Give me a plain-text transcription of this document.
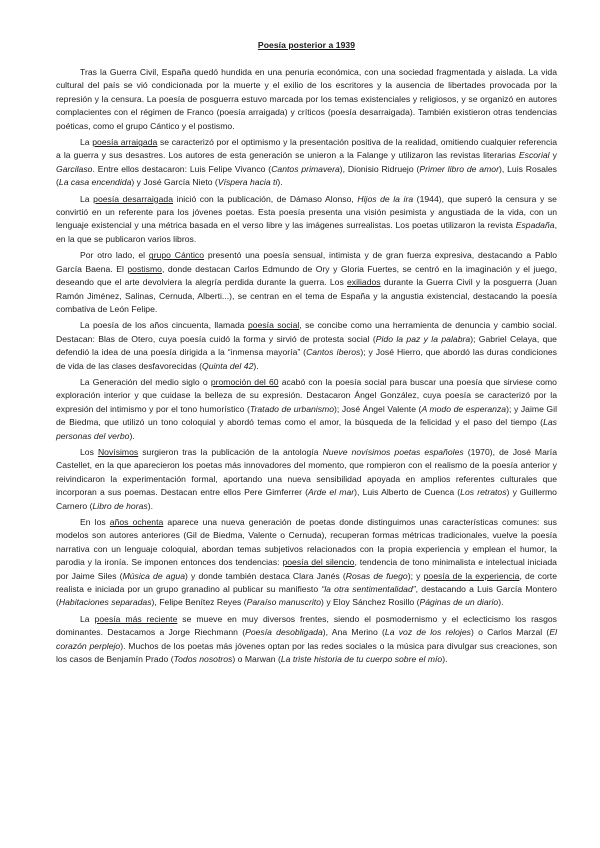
Poesía posterior a 1939

Tras la Guerra Civil, España quedó hundida en una penuria económica, con una sociedad fragmentada y aislada. La vida cultural del país se vió condicionada por la muerte y el exilio de los escritores y la ausencia de libertades provocada por la represión y la censura. La poesía de posguerra estuvo marcada por los temas existenciales y religiosos, y se organizó en autores complacientes con el régimen de Franco (poesía arraigada) y críticos (poesía desarraigada). También existieron otras tendencias poéticas, como el grupo Cántico y el postismo.

La poesía arraigada se caracterizó por el optimismo y la presentación positiva de la realidad, omitiendo cualquier referencia a la guerra y sus desastres. Los autores de esta generación se unieron a la Falange y utilizaron las revistas literarias Escorial y Garcilaso. Entre ellos destacaron: Luis Felipe Vivanco (Cantos primavera), Dionisio Ridruejo (Primer libro de amor), Luis Rosales (La casa encendida) y José García Nieto (Víspera hacia ti).

La poesía desarraigada inició con la publicación, de Dámaso Alonso, Hijos de la ira (1944), que superó la censura y se convirtió en un referente para los jóvenes poetas. Esta poesía presenta una visión pesimista y angustiada de la vida, con un lenguaje existencial y una métrica basada en el verso libre y las imágenes surrealistas. Los poetas utilizaron la revista Espadaña, en la que se publicaron varios libros.

Por otro lado, el grupo Cántico presentó una poesía sensual, intimista y de gran fuerza expresiva, destacando a Pablo García Baena. El postismo, donde destacan Carlos Edmundo de Ory y Gloria Fuertes, se centró en la imaginación y el juego, deseando que el arte devolviera la alegría perdida durante la guerra. Los exiliados durante la Guerra Civil y la posguerra (Juan Ramón Jiménez, Salinas, Cernuda, Alberti...), se centran en el tema de España y la angustia existencial, destacando la poesía combativa de León Felipe.

La poesía de los años cincuenta, llamada poesía social, se concibe como una herramienta de denuncia y cambio social. Destacan: Blas de Otero, cuya poesía cuidó la forma y sirvió de protesta social (Pido la paz y la palabra); Gabriel Celaya, que defendió la idea de una poesía dirigida a la “inmensa mayoría” (Cantos íberos); y José Hierro, que abordó las duras condiciones de vida de las clases desfavorecidas (Quinta del 42).

La Generación del medio siglo o promoción del 60 acabó con la poesía social para buscar una poesía que sirviese como exploración interior y que cuidase la belleza de su expresión. Destacaron Ángel González, cuya poesía se caracterizó por la expresión del intimismo y por el tono humorístico (Tratado de urbanismo); José Ángel Valente (A modo de esperanza); y Jaime Gil de Biedma, que utilizó un tono coloquial y abordó temas como el amor, la búsqueda de la felicidad y el paso del tiempo (Las personas del verbo).

Los Novísimos surgieron tras la publicación de la antología Nueve novísimos poetas españoles (1970), de José María Castellet, en la que aparecieron los poetas más innovadores del momento, que rompieron con el realismo de la poesía anterior y reivindicaron la experimentación formal, aportando una nueva sensibilidad apoyada en amplios referentes culturales que incorporan a sus poemas. Destacan entre ellos Pere Gimferrer (Arde el mar), Luis Alberto de Cuenca (Los retratos) y Guillermo Carnero (Libro de horas).

En los años ochenta aparece una nueva generación de poetas donde distinguimos unas características comunes: sus modelos son autores anteriores (Gil de Biedma, Valente o Cernuda), recuperan formas métricas tradicionales, vuelve la poesía narrativa con un lenguaje coloquial, abordan temas subjetivos relacionados con la propia experiencia y emplean el humor, la parodia y la ironía. Se imponen entonces dos tendencias: poesía del silencio, tendencia de tono minimalista e intelectual iniciada por Jaime Siles (Música de agua) y donde también destaca Clara Janés (Rosas de fuego); y poesía de la experiencia, de corte realista e iniciada por un grupo granadino al publicar su manifiesto “la otra sentimentalidad”, destacando a Luis García Montero (Habitaciones separadas), Felipe Benítez Reyes (Paraíso manuscrito) y Eloy Sánchez Rosillo (Páginas de un diario).

La poesía más reciente se mueve en muy diversos frentes, siendo el posmodernismo y el eclecticismo los rasgos dominantes. Destacamos a Jorge Riechmann (Poesía desobligada), Ana Merino (La voz de los relojes) o Carlos Marzal (El corazón perplejo). Muchos de los poetas más jóvenes optan por las redes sociales o la música para divulgar sus creaciones, son los casos de Benjamín Prado (Todos nosotros) o Marwan (La triste historia de tu cuerpo sobre el mío).
